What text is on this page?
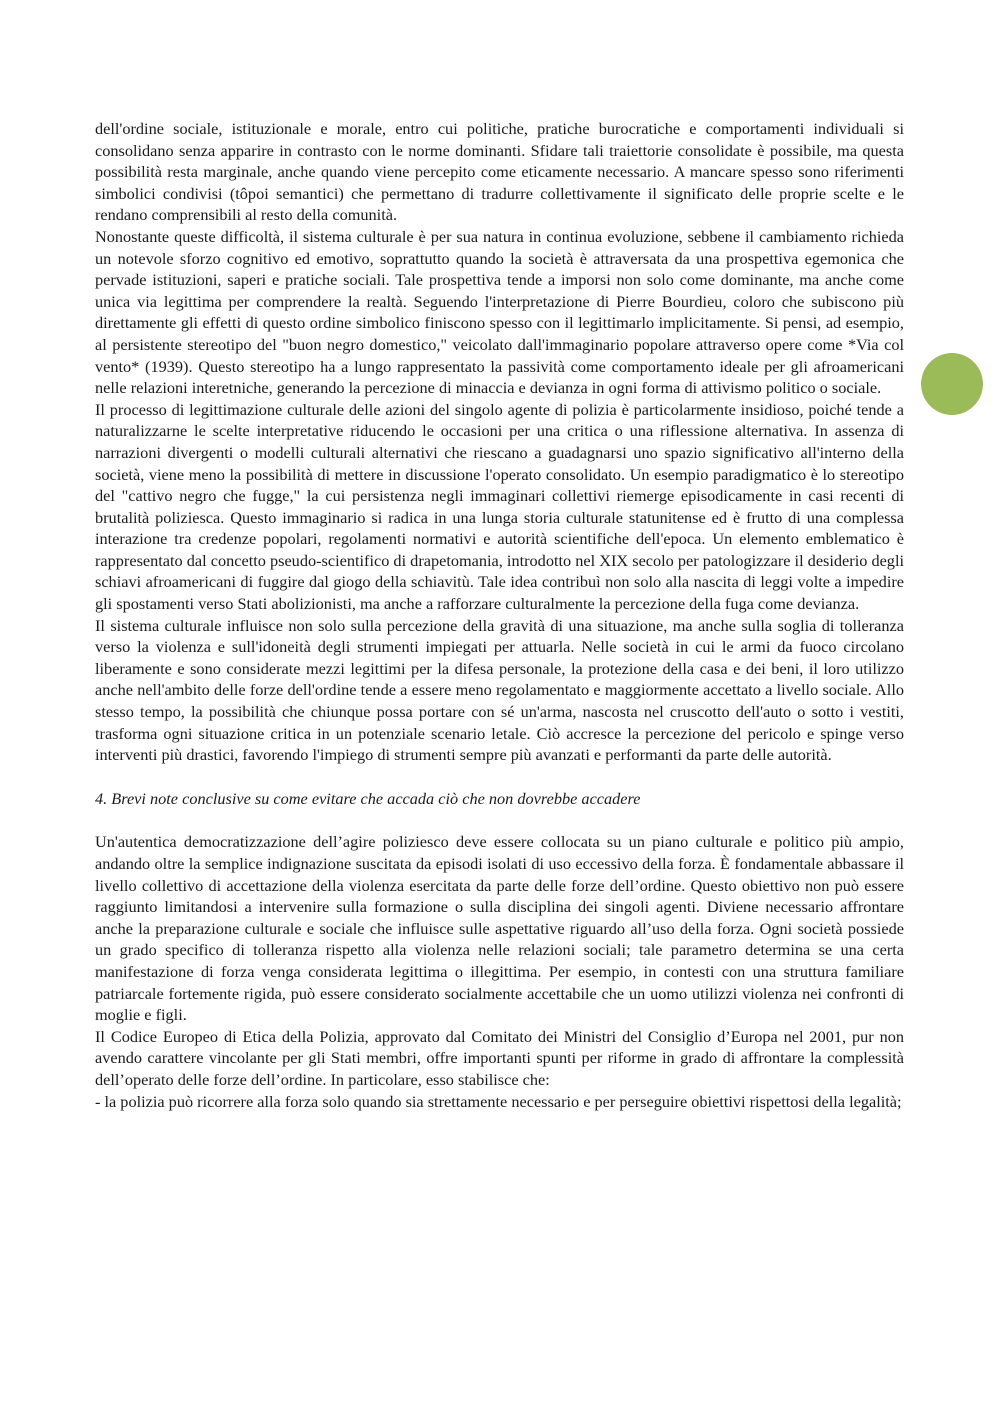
dell'ordine sociale, istituzionale e morale, entro cui politiche, pratiche burocratiche e comportamenti individuali si consolidano senza apparire in contrasto con le norme dominanti. Sfidare tali traiettorie consolidate è possibile, ma questa possibilità resta marginale, anche quando viene percepito come eticamente necessario. A mancare spesso sono riferimenti simbolici condivisi (tôpoi semantici) che permettano di tradurre collettivamente il significato delle proprie scelte e le rendano comprensibili al resto della comunità.

Nonostante queste difficoltà, il sistema culturale è per sua natura in continua evoluzione, sebbene il cambiamento richieda un notevole sforzo cognitivo ed emotivo, soprattutto quando la società è attraversata da una prospettiva egemonica che pervade istituzioni, saperi e pratiche sociali. Tale prospettiva tende a imporsi non solo come dominante, ma anche come unica via legittima per comprendere la realtà. Seguendo l'interpretazione di Pierre Bourdieu, coloro che subiscono più direttamente gli effetti di questo ordine simbolico finiscono spesso con il legittimarlo implicitamente. Si pensi, ad esempio, al persistente stereotipo del "buon negro domestico," veicolato dall'immaginario popolare attraverso opere come *Via col vento* (1939). Questo stereotipo ha a lungo rappresentato la passività come comportamento ideale per gli afroamericani nelle relazioni interetniche, generando la percezione di minaccia e devianza in ogni forma di attivismo politico o sociale.

Il processo di legittimazione culturale delle azioni del singolo agente di polizia è particolarmente insidioso, poiché tende a naturalizzarne le scelte interpretative riducendo le occasioni per una critica o una riflessione alternativa. In assenza di narrazioni divergenti o modelli culturali alternativi che riescano a guadagnarsi uno spazio significativo all'interno della società, viene meno la possibilità di mettere in discussione l'operato consolidato. Un esempio paradigmatico è lo stereotipo del "cattivo negro che fugge," la cui persistenza negli immaginari collettivi riemerge episodicamente in casi recenti di brutalità poliziesca. Questo immaginario si radica in una lunga storia culturale statunitense ed è frutto di una complessa interazione tra credenze popolari, regolamenti normativi e autorità scientifiche dell'epoca. Un elemento emblematico è rappresentato dal concetto pseudo-scientifico di drapetomania, introdotto nel XIX secolo per patologizzare il desiderio degli schiavi afroamericani di fuggire dal giogo della schiavitù. Tale idea contribuì non solo alla nascita di leggi volte a impedire gli spostamenti verso Stati abolizionisti, ma anche a rafforzare culturalmente la percezione della fuga come devianza.

Il sistema culturale influisce non solo sulla percezione della gravità di una situazione, ma anche sulla soglia di tolleranza verso la violenza e sull'idoneità degli strumenti impiegati per attuarla. Nelle società in cui le armi da fuoco circolano liberamente e sono considerate mezzi legittimi per la difesa personale, la protezione della casa e dei beni, il loro utilizzo anche nell'ambito delle forze dell'ordine tende a essere meno regolamentato e maggiormente accettato a livello sociale. Allo stesso tempo, la possibilità che chiunque possa portare con sé un'arma, nascosta nel cruscotto dell'auto o sotto i vestiti, trasforma ogni situazione critica in un potenziale scenario letale. Ciò accresce la percezione del pericolo e spinge verso interventi più drastici, favorendo l'impiego di strumenti sempre più avanzati e performanti da parte delle autorità.

4. Brevi note conclusive su come evitare che accada ciò che non dovrebbe accadere

Un'autentica democratizzazione dell’agire poliziesco deve essere collocata su un piano culturale e politico più ampio, andando oltre la semplice indignazione suscitata da episodi isolati di uso eccessivo della forza. È fondamentale abbassare il livello collettivo di accettazione della violenza esercitata da parte delle forze dell’ordine. Questo obiettivo non può essere raggiunto limitandosi a intervenire sulla formazione o sulla disciplina dei singoli agenti. Diviene necessario affrontare anche la preparazione culturale e sociale che influisce sulle aspettative riguardo all’uso della forza. Ogni società possiede un grado specifico di tolleranza rispetto alla violenza nelle relazioni sociali; tale parametro determina se una certa manifestazione di forza venga considerata legittima o illegittima. Per esempio, in contesti con una struttura familiare patriarcale fortemente rigida, può essere considerato socialmente accettabile che un uomo utilizzi violenza nei confronti di moglie e figli.

Il Codice Europeo di Etica della Polizia, approvato dal Comitato dei Ministri del Consiglio d’Europa nel 2001, pur non avendo carattere vincolante per gli Stati membri, offre importanti spunti per riforme in grado di affrontare la complessità dell’operato delle forze dell’ordine. In particolare, esso stabilisce che:

- la polizia può ricorrere alla forza solo quando sia strettamente necessario e per perseguire obiettivi rispettosi della legalità;
